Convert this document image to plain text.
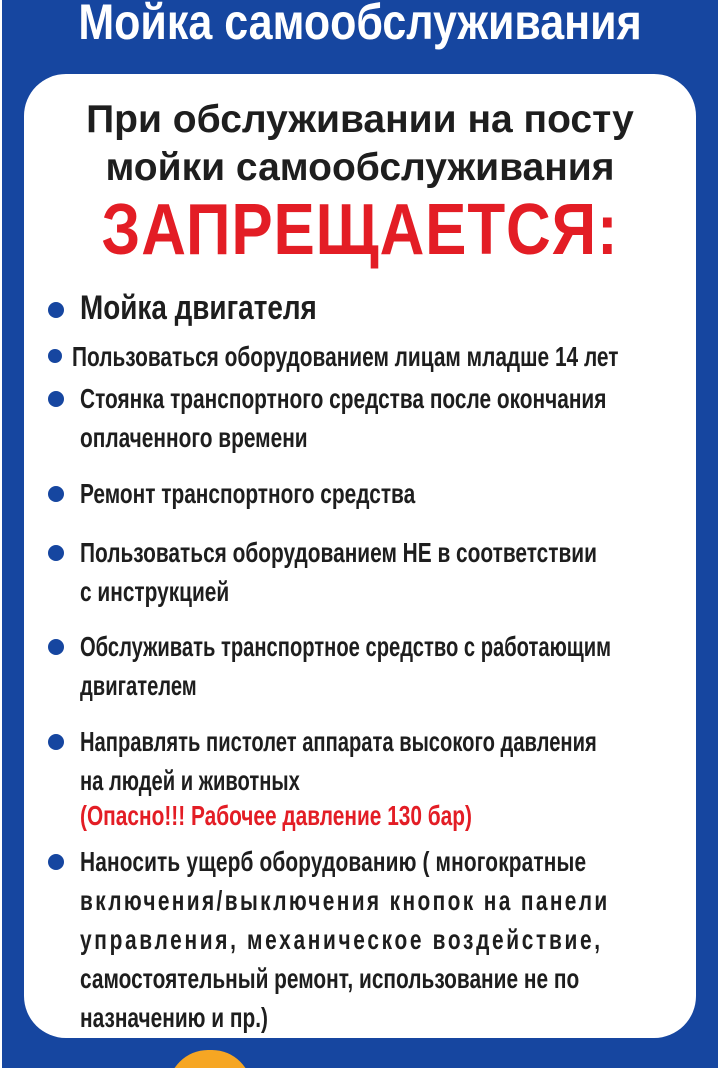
Мойка самообслуживания
При обслуживании на посту
мойки самообслуживания
ЗАПРЕЩАЕТСЯ:
Мойка двигателя
Пользоваться оборудованием лицам младше 14 лет
Стоянка транспортного средства после окончания
оплаченного времени
Ремонт транспортного средства
Пользоваться оборудованием НЕ в соответствии
с инструкцией
Обслуживать транспортное средство с работающим
двигателем
Направлять пистолет аппарата высокого давления
на людей и животных
(Опасно!!! Рабочее давление 130 бар)
Наносить ущерб оборудованию ( многократные
включения/выключения кнопок на панели
управления, механическое воздействие,
самостоятельный ремонт, использование не по
назначению и пр.)
